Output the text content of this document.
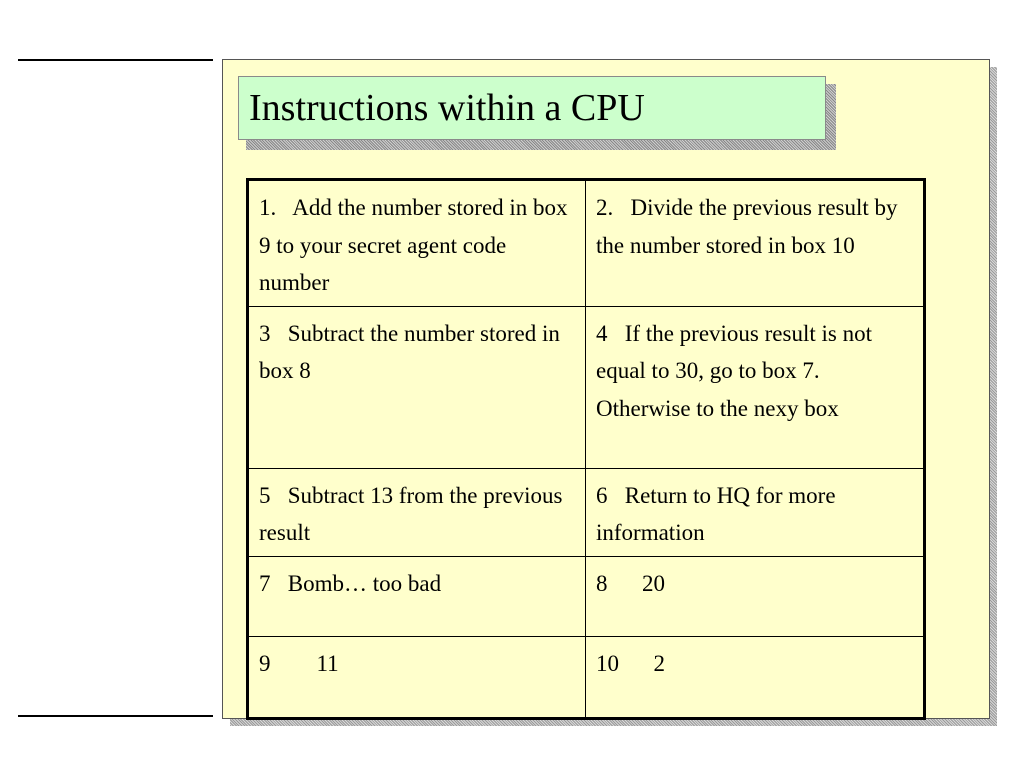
Instructions within a CPU
1.   Add the number stored in box 9 to your secret agent code number	2.   Divide the previous result by the number stored in box 10
3   Subtract the number stored in box 8	4   If the previous result is not equal to 30, go to box 7. Otherwise to the nexy box
5   Subtract 13 from the previous result	6   Return to HQ for more information
7   Bomb… too bad	8      20
9        11	10      2
